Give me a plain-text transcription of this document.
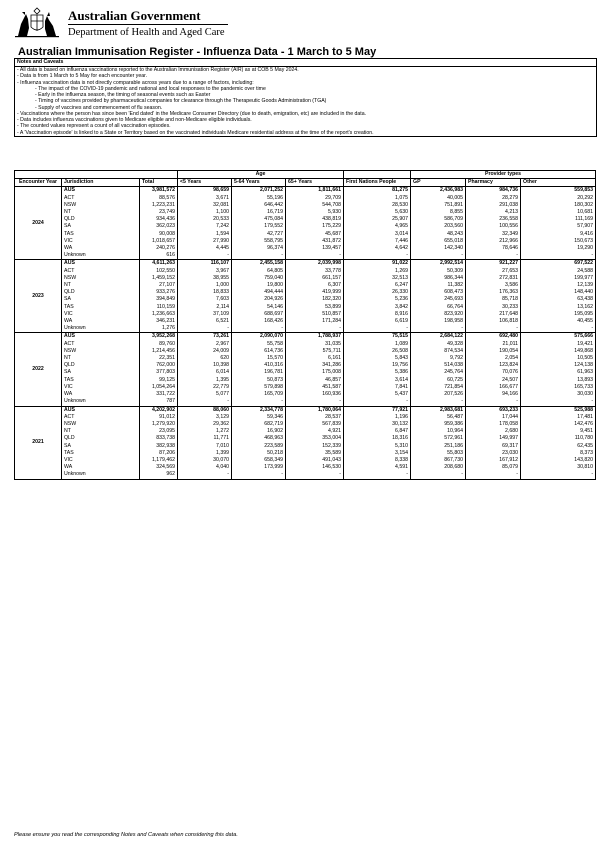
Australian Government
Department of Health and Aged Care
Australian Immunisation Register - Influenza Data - 1 March to 5 May
Notes and Caveats
- All data is based on influenza vaccinations reported to the Australian Immunisation Register (AIR) as at COB 5 May 2024.
- Data is from 1 March to 5 May for each encounter year.
- Influenza vaccination data is not directly comparable across years due to a range of factors, including:
- The impact of the COVID-19 pandemic and national and local responses to the pandemic over time
- Early in the influenza season, the timing of seasonal events such as Easter
- Timing of vaccines provided by pharmaceutical companies for clearance through the Therapeutic Goods Administration (TGA)
- Supply of vaccines and commencement of flu season.
- Vaccinations where the person has since been 'End dated' in the Medicare Consumer Directory (due to death, emigration, etc) are included in the data.
- Data includes influenza vaccinations given to Medicare eligible and non-Medicare eligible individuals.
- The counted values represent a count of all vaccination episodes.
- A 'Vaccination episode' is linked to a State or Territory based on the vaccinated individuals Medicare residential address at the time of the report's creation.
			Age				Provider types		
Encounter Year	Jurisdiction	Total	<5 Years	5-64 Years	65+ Years	First Nations People	GP	Pharmacy	Other
2024	AUS	3,981,572	98,659	2,071,252	1,811,661	81,275	2,436,983	984,736	559,853
	ACT	88,576	3,671	55,196	29,709	1,075	40,005	28,279	20,292
	NSW	1,223,231	32,081	646,442	544,708	28,530	751,891	291,038	180,302
	NT	23,749	1,100	16,719	5,930	5,630	8,855	4,213	10,681
	QLD	934,436	20,533	475,084	438,819	25,907	586,709	236,558	111,169
	SA	362,023	7,242	179,552	175,229	4,965	203,560	100,556	57,907
	TAS	90,008	1,594	42,727	45,687	3,014	48,243	32,349	9,416
	VIC	1,018,657	27,990	558,795	431,872	7,446	655,018	212,966	150,673
	WA	240,276	4,445	96,374	139,457	4,642	142,340	78,646	19,290
	Unknown	616	-	-	-	-	-	-	-
2023	AUS	4,611,263	116,107	2,455,158	2,039,998	91,022	2,992,514	921,227	697,522
	ACT	102,550	3,967	64,805	33,778	1,269	50,309	27,653	24,588
	NSW	1,459,152	38,955	759,040	661,157	32,513	986,344	272,831	199,977
	NT	27,107	1,000	19,800	6,307	6,247	11,382	3,586	12,139
	QLD	933,276	18,833	494,444	419,999	26,330	608,473	176,363	148,440
	SA	394,849	7,603	204,926	182,320	5,236	245,693	85,718	63,438
	TAS	110,159	2,114	54,146	53,899	3,842	66,764	30,233	13,162
	VIC	1,236,663	37,109	688,697	510,857	8,916	823,920	217,648	195,095
	WA	346,231	6,521	168,426	171,284	6,619	198,958	106,818	40,455
	Unknown	1,276	-	-	-	-	-	-	-
2022	AUS	3,952,268	73,261	2,090,070	1,788,937	75,515	2,684,122	692,480	575,666
	ACT	89,760	2,967	55,758	31,035	1,089	49,328	21,011	19,421
	NSW	1,214,456	24,009	614,736	575,711	26,508	874,534	190,054	149,868
	NT	22,351	620	15,570	6,161	5,843	9,792	2,054	10,505
	QLD	762,000	10,398	410,316	341,286	19,756	514,038	123,824	124,138
	SA	377,803	6,014	196,781	175,008	5,386	245,764	70,076	61,963
	TAS	99,125	1,395	50,873	46,857	3,614	60,725	24,507	13,893
	VIC	1,054,264	22,779	579,898	451,587	7,841	721,854	166,677	165,733
	WA	331,722	5,077	165,709	160,936	5,437	207,526	94,166	30,030
	Unknown	787	-	-	-	-	-	-	-
2021	AUS	4,202,902	88,060	2,334,778	1,780,064	77,921	2,983,681	693,233	525,988
	ACT	91,012	3,129	59,346	28,537	1,196	56,487	17,044	17,481
	NSW	1,279,920	29,362	682,719	567,839	30,132	959,386	178,058	142,476
	NT	23,095	1,272	16,902	4,921	6,847	10,964	2,680	9,451
	QLD	833,738	11,771	468,963	353,004	18,316	572,961	149,997	110,780
	SA	382,938	7,010	223,589	152,339	5,310	251,186	69,317	62,435
	TAS	87,206	1,399	50,218	35,589	3,154	55,803	23,030	8,373
	VIC	1,179,462	30,070	658,349	491,043	8,338	867,730	167,912	143,820
	WA	324,569	4,040	173,999	146,530	4,591	208,680	85,079	30,810
	Unknown	962	-	-	-	-	-	-	-
Please ensure you read the corresponding Notes and Caveats when considering this data.
